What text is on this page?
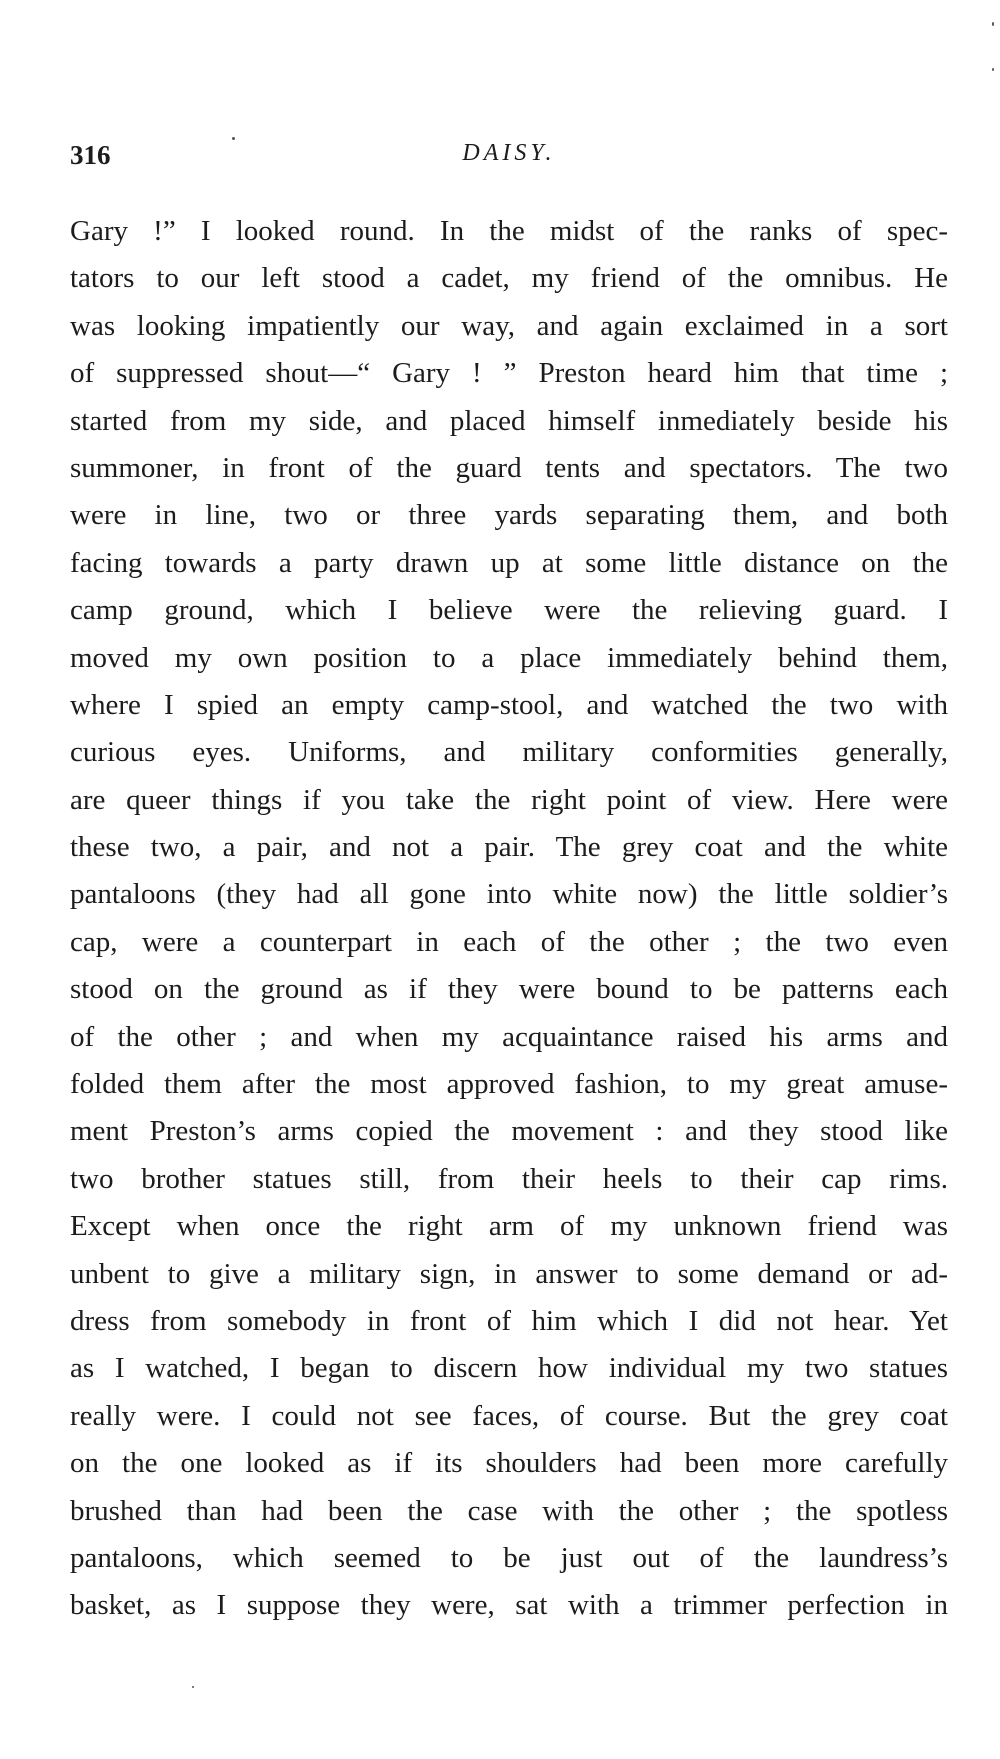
316	DAISY.
Gary !” I looked round. In the midst of the ranks of spec-
tators to our left stood a cadet, my friend of the omnibus. He
was looking impatiently our way, and again exclaimed in a sort
of suppressed shout—“ Gary ! ” Preston heard him that time ;
started from my side, and placed himself inmediately beside his
summoner, in front of the guard tents and spectators. The two
were in line, two or three yards separating them, and both
facing towards a party drawn up at some little distance on the
camp ground, which I believe were the relieving guard. I
moved my own position to a place immediately behind them,
where I spied an empty camp-stool, and watched the two with
curious eyes. Uniforms, and military conformities generally,
are queer things if you take the right point of view. Here were
these two, a pair, and not a pair. The grey coat and the white
pantaloons (they had all gone into white now) the little soldier’s
cap, were a counterpart in each of the other ; the two even
stood on the ground as if they were bound to be patterns each
of the other ; and when my acquaintance raised his arms and
folded them after the most approved fashion, to my great amuse-
ment Preston’s arms copied the movement : and they stood like
two brother statues still, from their heels to their cap rims.
Except when once the right arm of my unknown friend was
unbent to give a military sign, in answer to some demand or ad-
dress from somebody in front of him which I did not hear. Yet
as I watched, I began to discern how individual my two statues
really were. I could not see faces, of course. But the grey coat
on the one looked as if its shoulders had been more carefully
brushed than had been the case with the other ; the spotless
pantaloons, which seemed to be just out of the laundress’s
basket, as I suppose they were, sat with a trimmer perfection in
